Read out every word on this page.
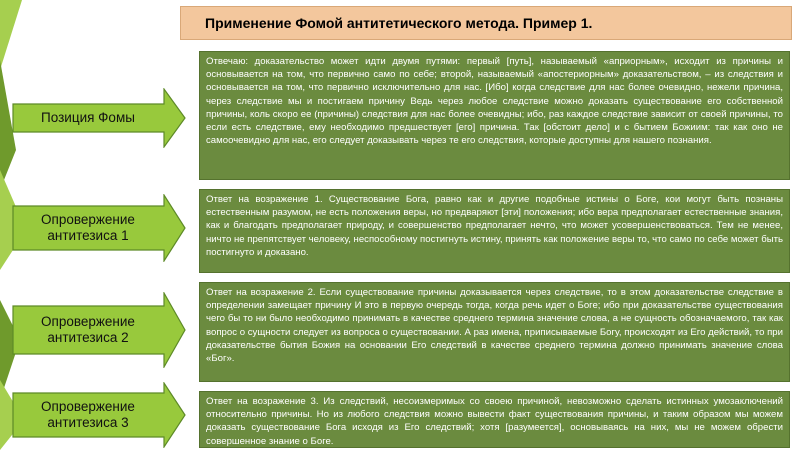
Применение Фомой антитетического метода. Пример 1.
Позиция Фомы

Отвечаю: доказательство может идти двумя путями: первый [путь], называемый «априорным», исходит из причины и основывается на том, что первично само по себе; второй, называемый «апостериорным» доказательством, – из следствия и основывается на том, что первично исключительно для нас. [Ибо] когда следствие для нас более очевидно, нежели причина, через следствие мы и постигаем причину Ведь через любое следствие можно доказать существование его собственной причины, коль скоро ее (причины) следствия для нас более очевидны; ибо, раз каждое следствие зависит от своей причины, то если есть следствие, ему необходимо предшествует [его] причина. Так [обстоит дело] и с бытием Божиим: так как оно не самоочевидно для нас, его следует доказывать через те его следствия, которые доступны для нашего познания.

Опровержение антитезиса 1

Ответ на возражение 1. Существование Бога, равно как и другие подобные истины о Боге, кои могут быть познаны естественным разумом, не есть положения веры, но предваряют [эти] положения; ибо вера предполагает естественные знания, как и благодать предполагает природу, и совершенство предполагает нечто, что может усовершенствоваться. Тем не менее, ничто не препятствует человеку, неспособному постигнуть истину, принять как положение веры то, что само по себе может быть постигнуто и доказано.

Опровержение антитезиса 2

Ответ на возражение 2. Если существование причины доказывается через следствие, то в этом доказательстве следствие в определении замещает причину И это в первую очередь тогда, когда речь идет о Боге; ибо при доказательстве существования чего бы то ни было необходимо принимать в качестве среднего термина значение слова, а не сущность обозначаемого, так как вопрос о сущности следует из вопроса о существовании. А раз имена, приписываемые Богу, происходят из Его действий, то при доказательстве бытия Божия на основании Его следствий в качестве среднего термина должно принимать значение слова «Бог».

Опровержение антитезиса 3

Ответ на возражение 3. Из следствий, несоизмеримых со своею причиной, невозможно сделать истинных умозаключений относительно причины. Но из любого следствия можно вывести факт существования причины, и таким образом мы можем доказать существование Бога исходя из Его следствий; хотя [разумеется], основываясь на них, мы не можем обрести совершенное знание о Боге.
